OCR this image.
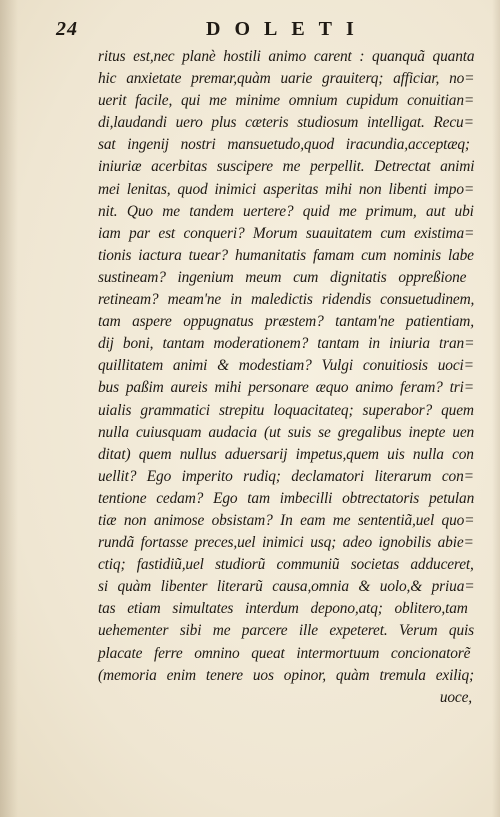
24	DOLETI
ritus est,nec planè hostili animo carent : quanquã quanta
hic anxietate premar,quàm uarie grauiterq; afficiar, no=
uerit facile, qui me minime omnium cupidum conuitian=
di,laudandi uero plus cæteris studiosum intelligat. Recu=
sat ingenij nostri mansuetudo,quod iracundia,acceptæq;
iniuriæ acerbitas suscipere me perpellit. Detrectat animi
mei lenitas, quod inimici asperitas mihi non libenti impo=
nit. Quo me tandem uertere? quid me primum, aut ubi
iam par est conqueri? Morum suauitatem cum existima=
tionis iactura tuear? humanitatis famam cum nominis labe
sustineam? ingenium meum cum dignitatis oppreßione
retineam? meam'ne in maledictis ridendis consuetudinem,
tam aspere oppugnatus præstem? tantam'ne patientiam,
dij boni, tantam moderationem? tantam in iniuria tran=
quillitatem animi & modestiam? Vulgi conuitiosis uoci=
bus paßim aureis mihi personare æquo animo feram? tri=
uialis grammatici strepitu loquacitateq; superabor? quem
nulla cuiusquam audacia (ut suis se gregalibus inepte uen
ditat) quem nullus aduersarij impetus,quem uis nulla con
uellit? Ego imperito rudiq; declamatori literarum con=
tentione cedam? Ego tam imbecilli obtrectatoris petulan
tiæ non animose obsistam? In eam me sententiã,uel quo=
rundã fortasse preces,uel inimici usq; adeo ignobilis abie=
ctiq; fastidiũ,uel studiorũ communiũ societas adduceret,
si quàm libenter literarũ causa,omnia & uolo,& priua=
tas etiam simultates interdum depono,atq; oblitero,tam
uehementer sibi me parcere ille expeteret. Verum quis
placate ferre omnino queat intermortuum concionatorẽ
(memoria enim tenere uos opinor, quàm tremula exiliq;
uoce,
